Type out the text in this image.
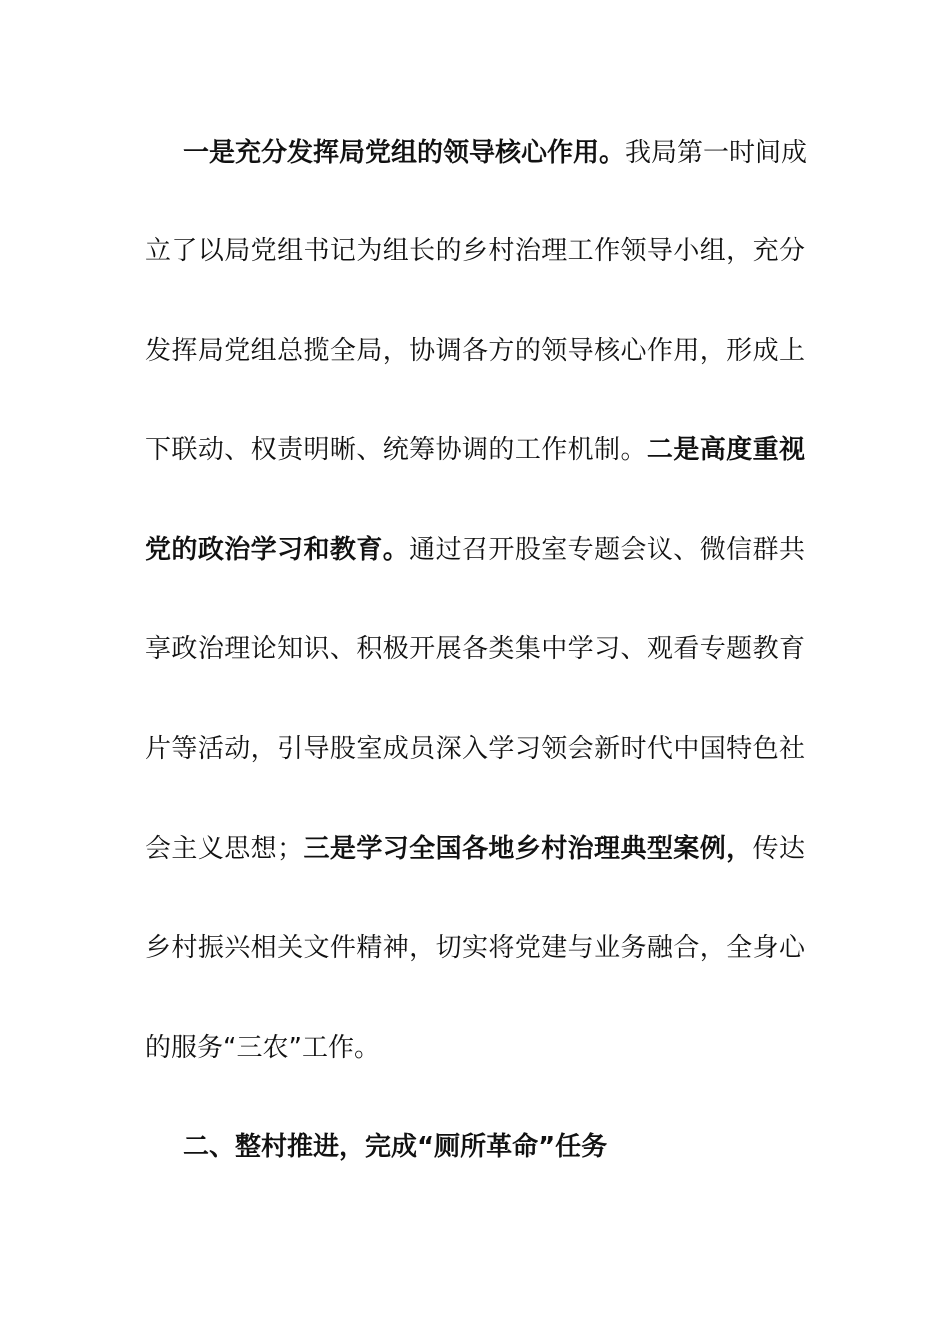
一是充分发挥局党组的领导核心作用。我局第一时间成
立了以局党组书记为组长的乡村治理工作领导小组，充分
发挥局党组总揽全局，协调各方的领导核心作用，形成上
下联动、权责明晰、统筹协调的工作机制。二是高度重视
党的政治学习和教育。通过召开股室专题会议、微信群共
享政治理论知识、积极开展各类集中学习、观看专题教育
片等活动，引导股室成员深入学习领会新时代中国特色社
会主义思想；三是学习全国各地乡村治理典型案例，传达
乡村振兴相关文件精神，切实将党建与业务融合，全身心
的服务“三农”工作。
二、整村推进，完成“厕所革命”任务
